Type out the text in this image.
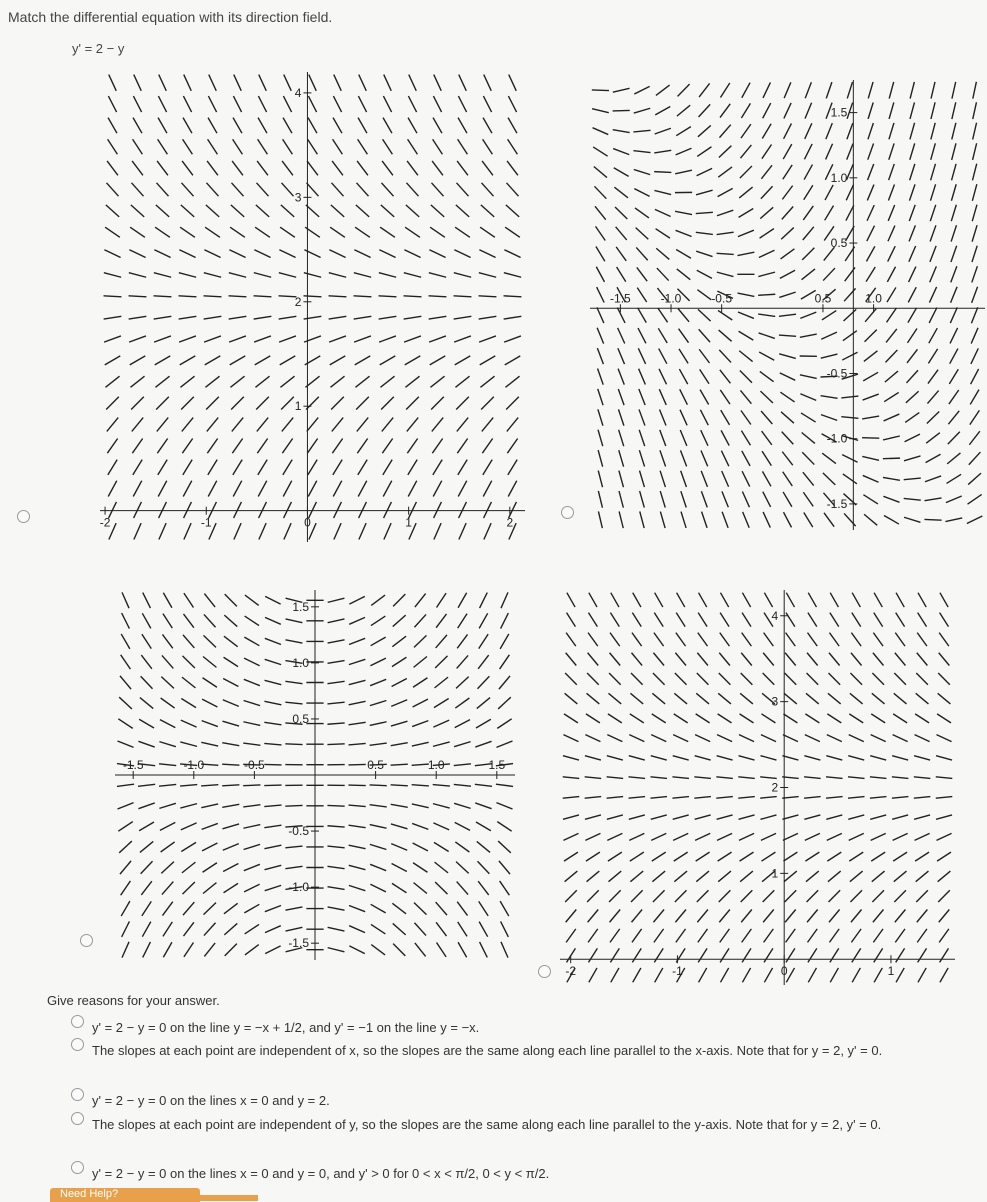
Match the differential equation with its direction field.
y' = 2 − y
-2	-1	0	1	2
1
2
3
4
-1.5 -1.0 -0.5	0.5	1.0
-1.5
-1.0
-0.5
0.5
1.0
1.5
-1.5	-1.0	-0.5	0.5	1.0	1.5
-1.5
-1.0
-0.5
0.5
1.0
1.5
-2	-1	0	1
1
2
3
4
Give reasons for your answer.
y' = 2 − y = 0 on the line y = −x + 1/2, and y' = −1 on the line y = −x.
The slopes at each point are independent of x, so the slopes are the same along each line parallel to the x-axis. Note that for y = 2, y' = 0.
y' = 2 − y = 0 on the lines x = 0 and y = 2.
The slopes at each point are independent of y, so the slopes are the same along each line parallel to the y-axis. Note that for y = 2, y' = 0.
y' = 2 − y = 0 on the lines x = 0 and y = 0, and y' > 0 for 0 < x < π/2, 0 < y < π/2.
Need Help?
